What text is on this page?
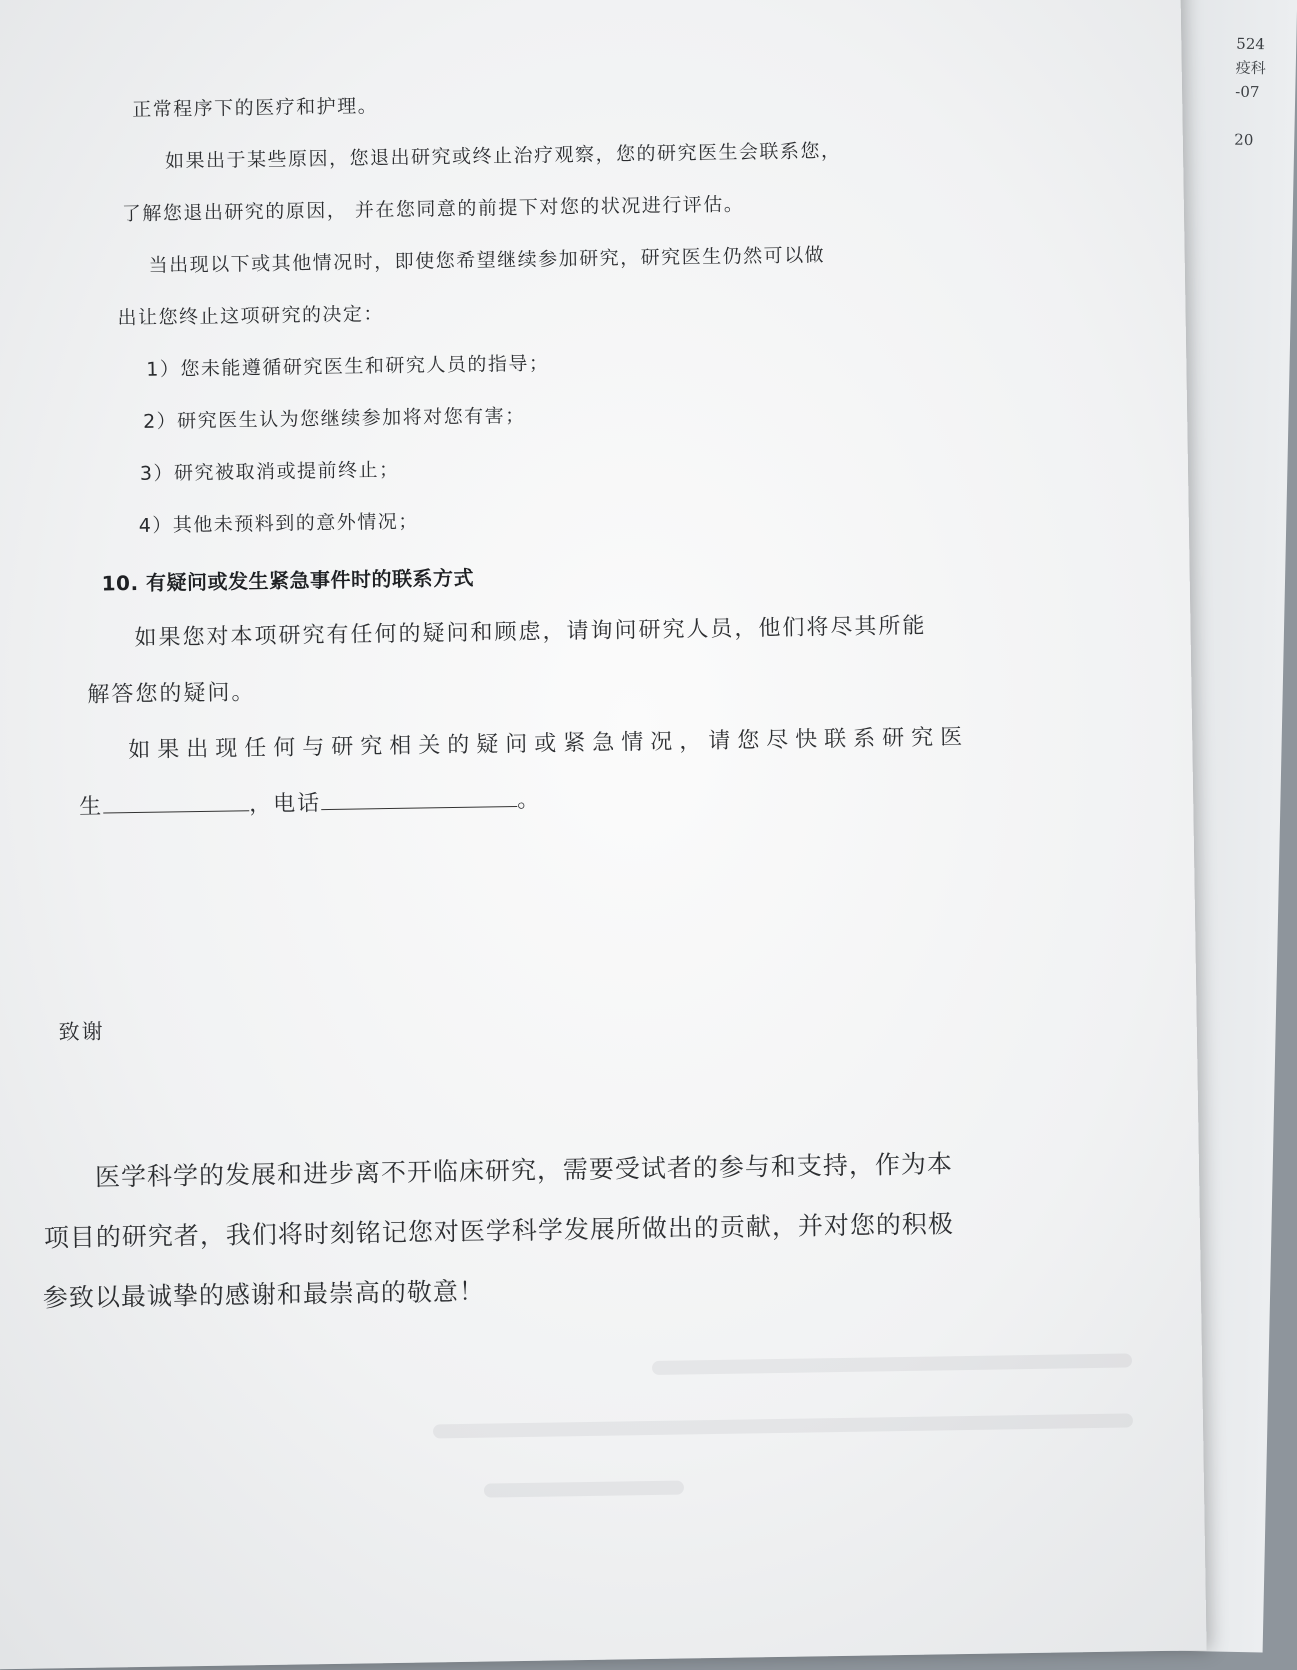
524
疫科
-07
20
正常程序下的医疗和护理。
如果出于某些原因，您退出研究或终止治疗观察，您的研究医生会联系您，
了解您退出研究的原因， 并在您同意的前提下对您的状况进行评估。
当出现以下或其他情况时，即使您希望继续参加研究，研究医生仍然可以做
出让您终止这项研究的决定：
1）您未能遵循研究医生和研究人员的指导；
2）研究医生认为您继续参加将对您有害；
3）研究被取消或提前终止；
4）其他未预料到的意外情况；
10. 有疑问或发生紧急事件时的联系方式
如果您对本项研究有任何的疑问和顾虑，请询问研究人员，他们将尽其所能
解答您的疑问。
如果出现任何与研究相关的疑问或紧急情况，请您尽快联系研究医
生	，电话	。
致谢
医学科学的发展和进步离不开临床研究，需要受试者的参与和支持，作为本
项目的研究者，我们将时刻铭记您对医学科学发展所做出的贡献，并对您的积极
参致以最诚挚的感谢和最崇高的敬意！
